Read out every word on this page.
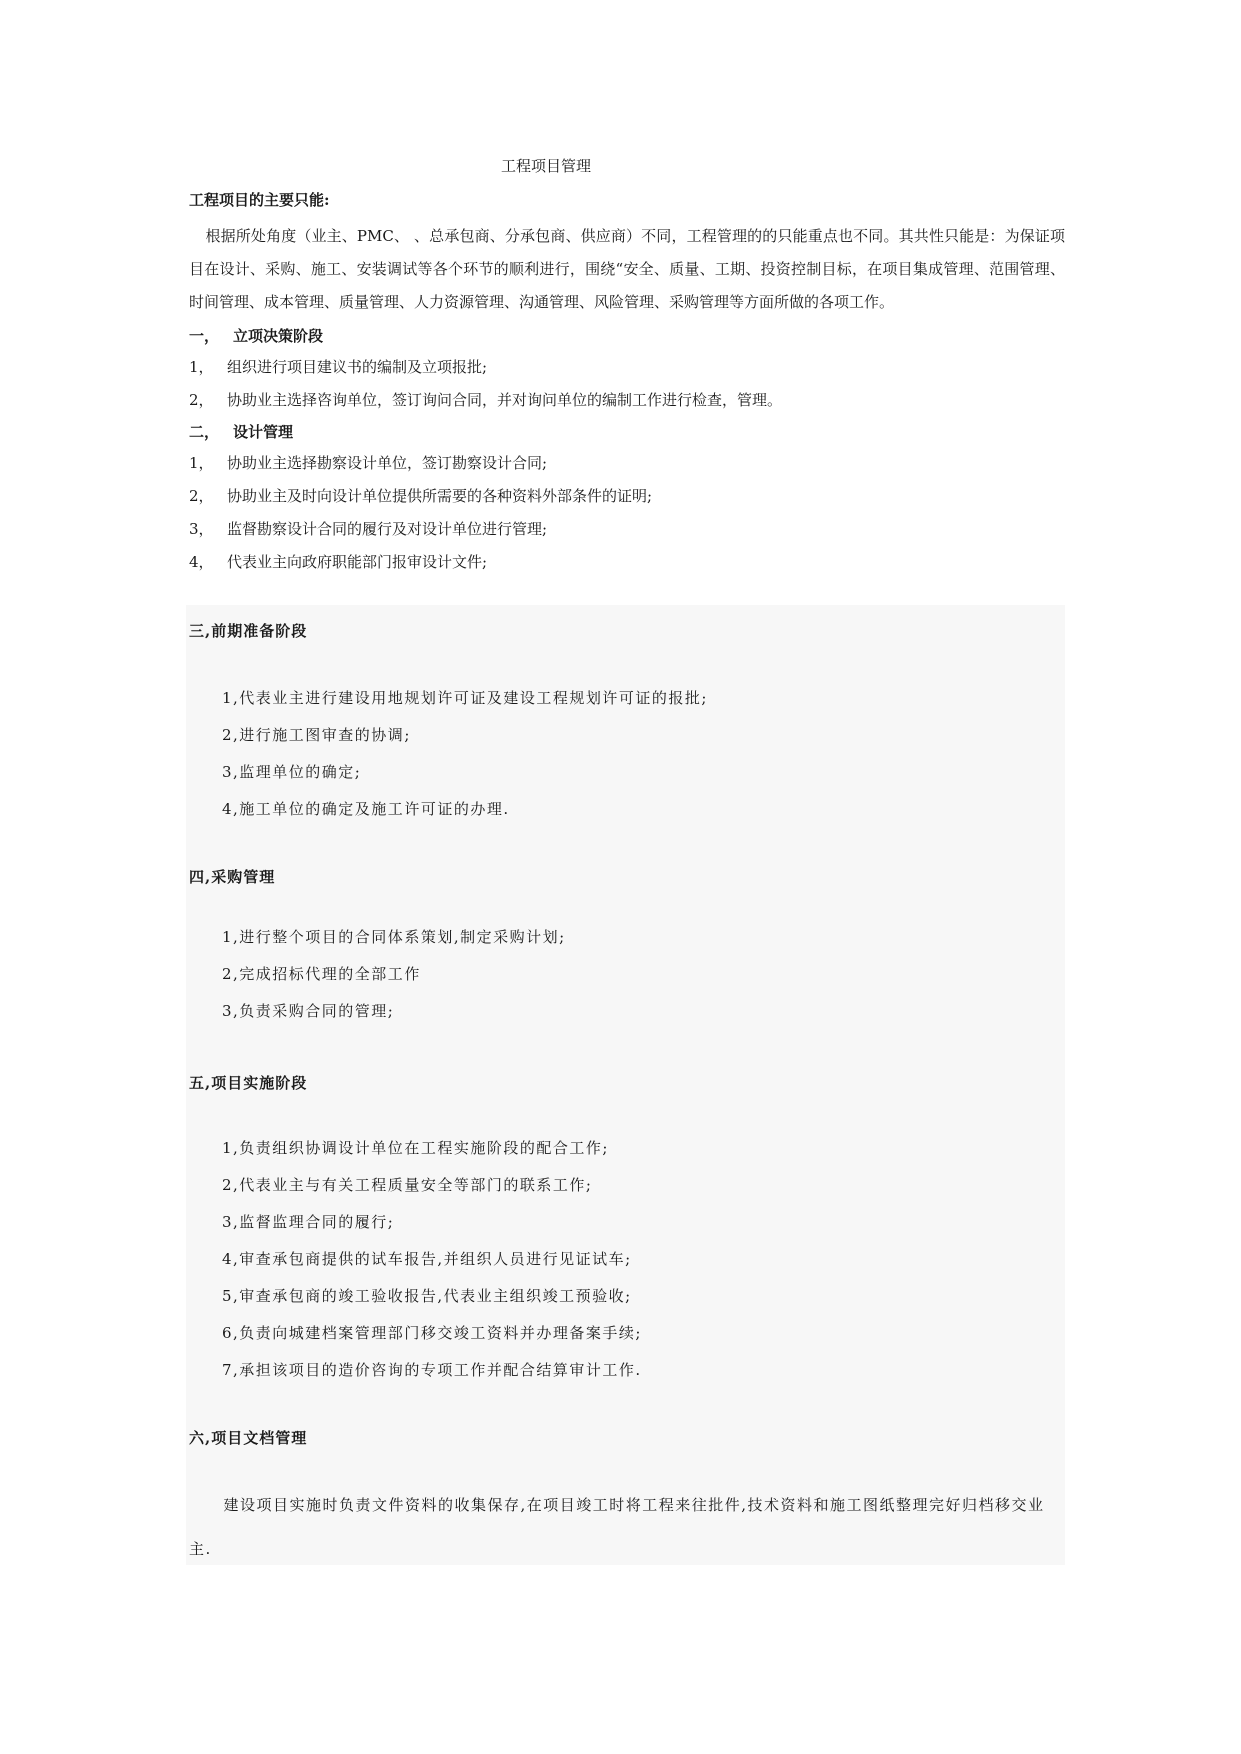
工程项目管理

工程项目的主要只能:

根据所处角度（业主、PMC、 、总承包商、分承包商、供应商）不同，工程管理的的只能重点也不同。其共性只能是：为保证项目在设计、采购、施工、安装调试等各个环节的顺利进行，围绕“安全、质量、工期、投资控制目标，在项目集成管理、范围管理、时间管理、成本管理、质量管理、人力资源管理、沟通管理、风险管理、采购管理等方面所做的各项工作。

一， 立项决策阶段

1， 组织进行项目建议书的编制及立项报批;

2， 协助业主选择咨询单位，签订询问合同，并对询问单位的编制工作进行检查，管理。

二， 设计管理

1， 协助业主选择勘察设计单位，签订勘察设计合同;

2， 协助业主及时向设计单位提供所需要的各种资料外部条件的证明;

3， 监督勘察设计合同的履行及对设计单位进行管理;

4， 代表业主向政府职能部门报审设计文件;

三,前期准备阶段
1,代表业主进行建设用地规划许可证及建设工程规划许可证的报批;
2,进行施工图审查的协调;
3,监理单位的确定;
4,施工单位的确定及施工许可证的办理.
四,采购管理
1,进行整个项目的合同体系策划,制定采购计划;
2,完成招标代理的全部工作
3,负责采购合同的管理;
五,项目实施阶段
1,负责组织协调设计单位在工程实施阶段的配合工作;
2,代表业主与有关工程质量安全等部门的联系工作;
3,监督监理合同的履行;
4,审查承包商提供的试车报告,并组织人员进行见证试车;
5,审查承包商的竣工验收报告,代表业主组织竣工预验收;
6,负责向城建档案管理部门移交竣工资料并办理备案手续;
7,承担该项目的造价咨询的专项工作并配合结算审计工作.
六,项目文档管理
建设项目实施时负责文件资料的收集保存,在项目竣工时将工程来往批件,技术资料和施工图纸整理完好归档移交业主.
